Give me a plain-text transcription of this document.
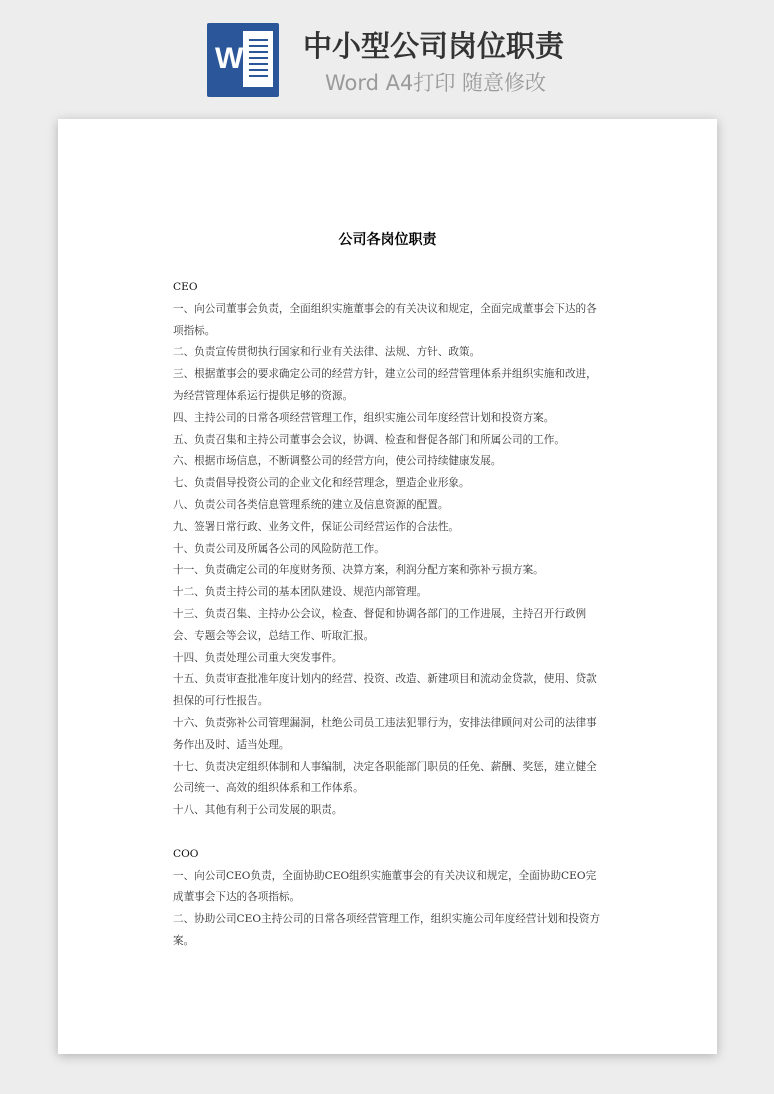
W 中小型公司岗位职责
Word A4打印 随意修改
公司各岗位职责

CEO

一、向公司董事会负责，全面组织实施董事会的有关决议和规定，全面完成董事会下达的各项指标。

二、负责宣传贯彻执行国家和行业有关法律、法规、方针、政策。

三、根据董事会的要求确定公司的经营方针，建立公司的经营管理体系并组织实施和改进，为经营管理体系运行提供足够的资源。

四、主持公司的日常各项经营管理工作，组织实施公司年度经营计划和投资方案。

五、负责召集和主持公司董事会会议，协调、检查和督促各部门和所属公司的工作。

六、根据市场信息，不断调整公司的经营方向，使公司持续健康发展。

七、负责倡导投资公司的企业文化和经营理念，塑造企业形象。

八、负责公司各类信息管理系统的建立及信息资源的配置。

九、签署日常行政、业务文件，保证公司经营运作的合法性。

十、负责公司及所属各公司的风险防范工作。

十一、负责确定公司的年度财务预、决算方案，利润分配方案和弥补亏损方案。

十二、负责主持公司的基本团队建设、规范内部管理。

十三、负责召集、主持办公会议，检查、督促和协调各部门的工作进展，主持召开行政例会、专题会等会议，总结工作、听取汇报。

十四、负责处理公司重大突发事件。

十五、负责审查批准年度计划内的经营、投资、改造、新建项目和流动金贷款，使用、贷款担保的可行性报告。

十六、负责弥补公司管理漏洞，杜绝公司员工违法犯罪行为，安排法律顾问对公司的法律事务作出及时、适当处理。

十七、负责决定组织体制和人事编制，决定各职能部门职员的任免、薪酬、奖惩，建立健全公司统一、高效的组织体系和工作体系。

十八、其他有利于公司发展的职责。

COO

一、向公司CEO负责，全面协助CEO组织实施董事会的有关决议和规定，全面协助CEO完成董事会下达的各项指标。

二、协助公司CEO主持公司的日常各项经营管理工作，组织实施公司年度经营计划和投资方案。
